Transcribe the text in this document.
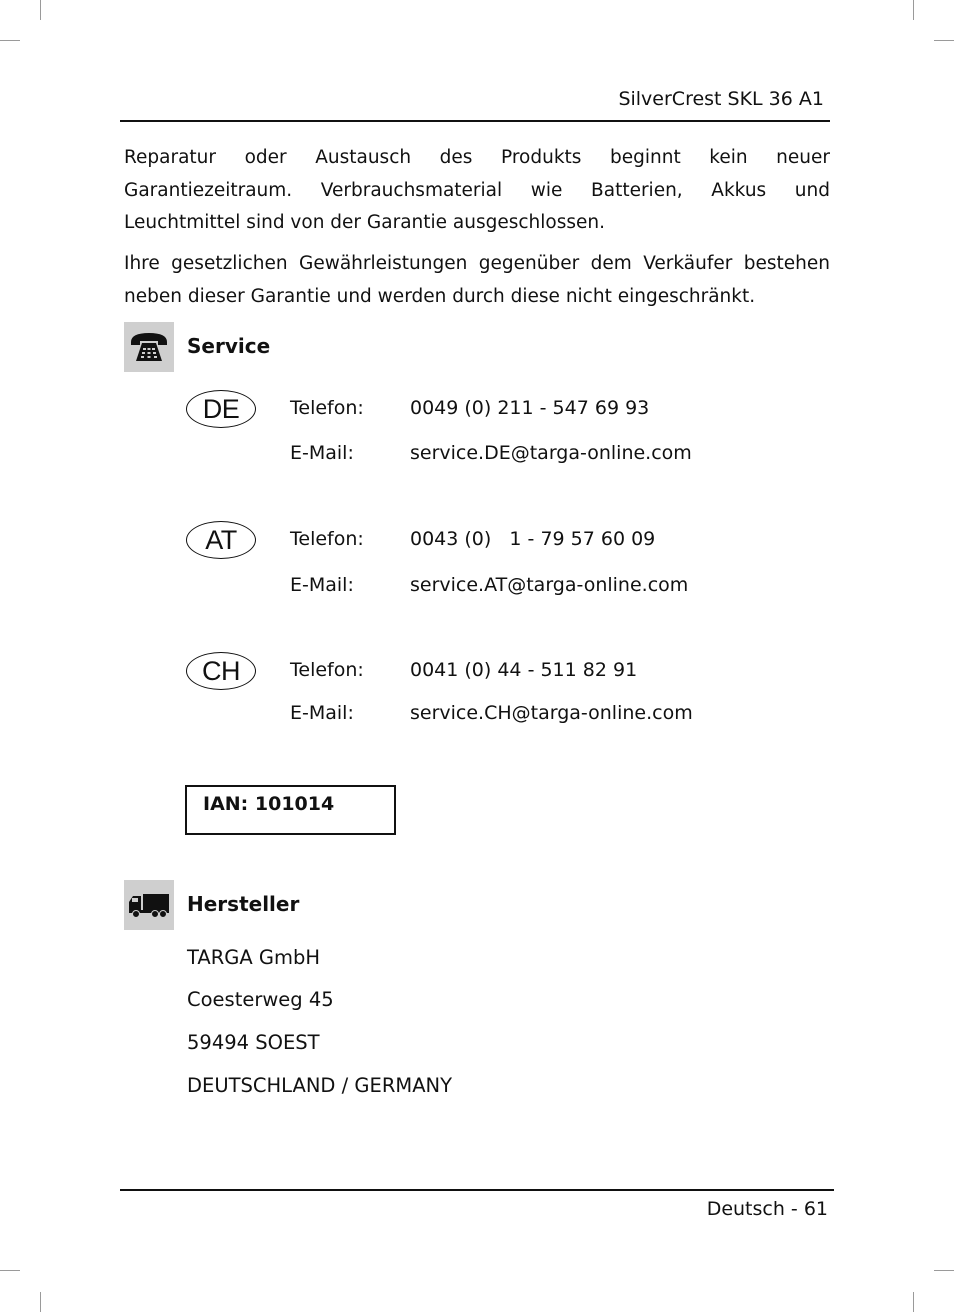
SilverCrest SKL 36 A1

Reparatur oder Austausch des Produkts beginnt kein neuer Garantiezeitraum. Verbrauchsmaterial wie Batterien, Akkus und Leuchtmittel sind von der Garantie ausgeschlossen.

Ihre gesetzlichen Gewährleistungen gegenüber dem Verkäufer bestehen neben dieser Garantie und werden durch diese nicht eingeschränkt.

Service
DE	Telefon: 0049 (0) 211 - 547 69 93
E-Mail:	service.DE@targa-online.com
AT	Telefon: 0043 (0)   1 - 79 57 60 09
E-Mail:	service.AT@targa-online.com
CH	Telefon: 0041 (0) 44 - 511 82 91
E-Mail:	service.CH@targa-online.com
IAN: 101014
Hersteller
TARGA GmbH
Coesterweg 45
59494 SOEST
DEUTSCHLAND / GERMANY
Deutsch - 61
